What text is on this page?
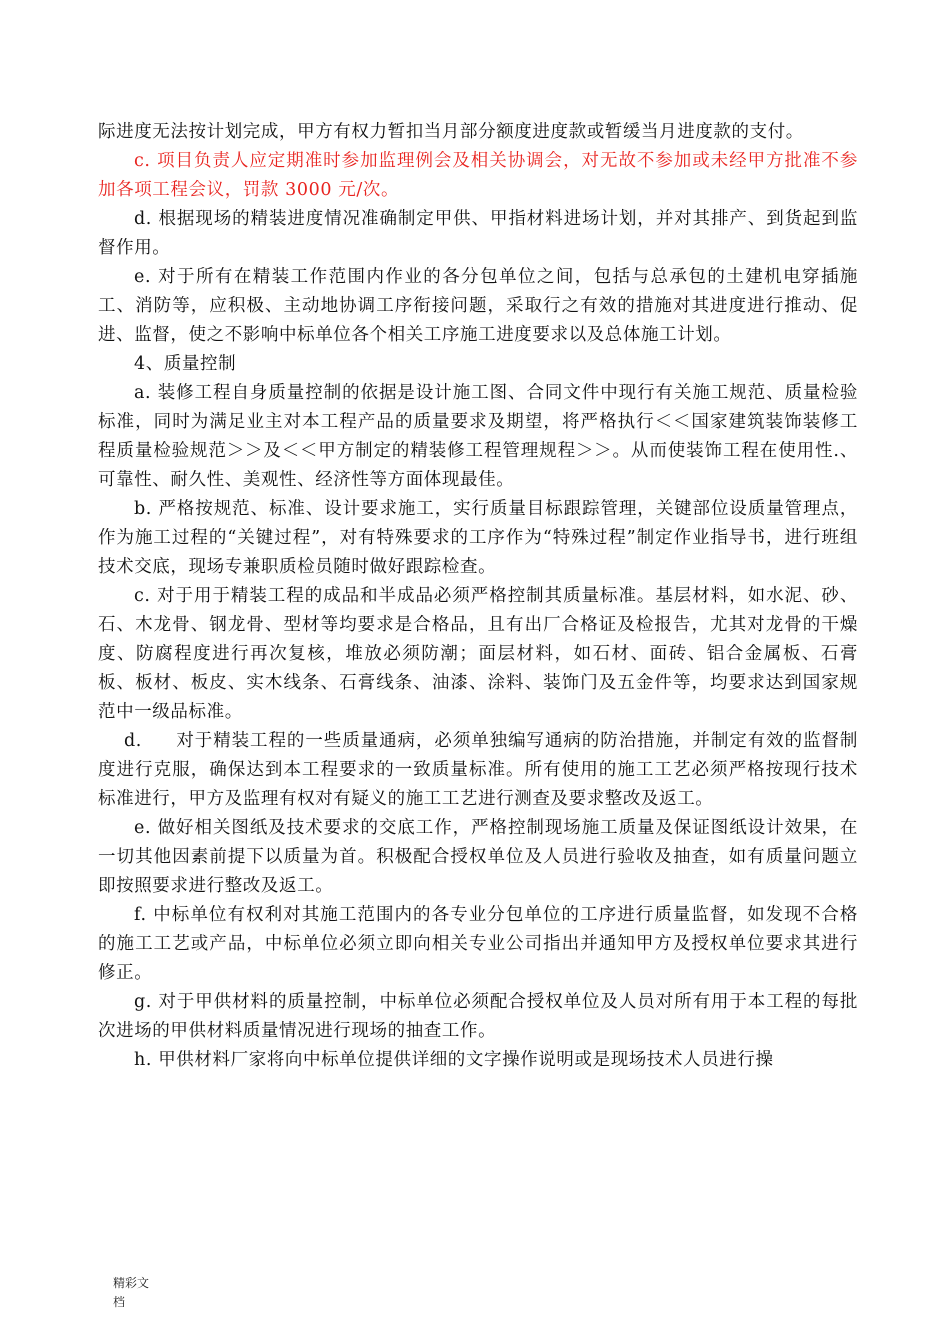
际进度无法按计划完成，甲方有权力暂扣当月部分额度进度款或暂缓当月进度款的支付。

c. 项目负责人应定期准时参加监理例会及相关协调会，对无故不参加或未经甲方批准不参加各项工程会议，罚款 3000 元/次。

d. 根据现场的精装进度情况准确制定甲供、甲指材料进场计划，并对其排产、到货起到监督作用。

e. 对于所有在精装工作范围内作业的各分包单位之间，包括与总承包的土建机电穿插施工、消防等，应积极、主动地协调工序衔接问题，采取行之有效的措施对其进度进行推动、促进、监督，使之不影响中标单位各个相关工序施工进度要求以及总体施工计划。

4、质量控制

a. 装修工程自身质量控制的依据是设计施工图、合同文件中现行有关施工规范、质量检验标准，同时为满足业主对本工程产品的质量要求及期望，将严格执行＜＜国家建筑装饰装修工程质量检验规范＞＞及＜＜甲方制定的精装修工程管理规程＞＞。从而使装饰工程在使用性.、可靠性、耐久性、美观性、经济性等方面体现最佳。

b. 严格按规范、标准、设计要求施工，实行质量目标跟踪管理，关键部位设质量管理点，作为施工过程的“关键过程”，对有特殊要求的工序作为“特殊过程”制定作业指导书，进行班组技术交底，现场专兼职质检员随时做好跟踪检查。

c. 对于用于精装工程的成品和半成品必须严格控制其质量标准。基层材料，如水泥、砂、石、木龙骨、钢龙骨、型材等均要求是合格品，且有出厂合格证及检报告，尤其对龙骨的干燥度、防腐程度进行再次复核，堆放必须防潮；面层材料，如石材、面砖、铝合金属板、石膏板、板材、板皮、实木线条、石膏线条、油漆、涂料、装饰门及五金件等，均要求达到国家规范中一级品标准。

d. 对于精装工程的一些质量通病，必须单独编写通病的防治措施，并制定有效的监督制度进行克服，确保达到本工程要求的一致质量标准。所有使用的施工工艺必须严格按现行技术标准进行，甲方及监理有权对有疑义的施工工艺进行测查及要求整改及返工。

e. 做好相关图纸及技术要求的交底工作，严格控制现场施工质量及保证图纸设计效果，在一切其他因素前提下以质量为首。积极配合授权单位及人员进行验收及抽查，如有质量问题立即按照要求进行整改及返工。

f. 中标单位有权利对其施工范围内的各专业分包单位的工序进行质量监督，如发现不合格的施工工艺或产品，中标单位必须立即向相关专业公司指出并通知甲方及授权单位要求其进行修正。

g. 对于甲供材料的质量控制，中标单位必须配合授权单位及人员对所有用于本工程的每批次进场的甲供材料质量情况进行现场的抽查工作。

h. 甲供材料厂家将向中标单位提供详细的文字操作说明或是现场技术人员进行操

精彩文档
